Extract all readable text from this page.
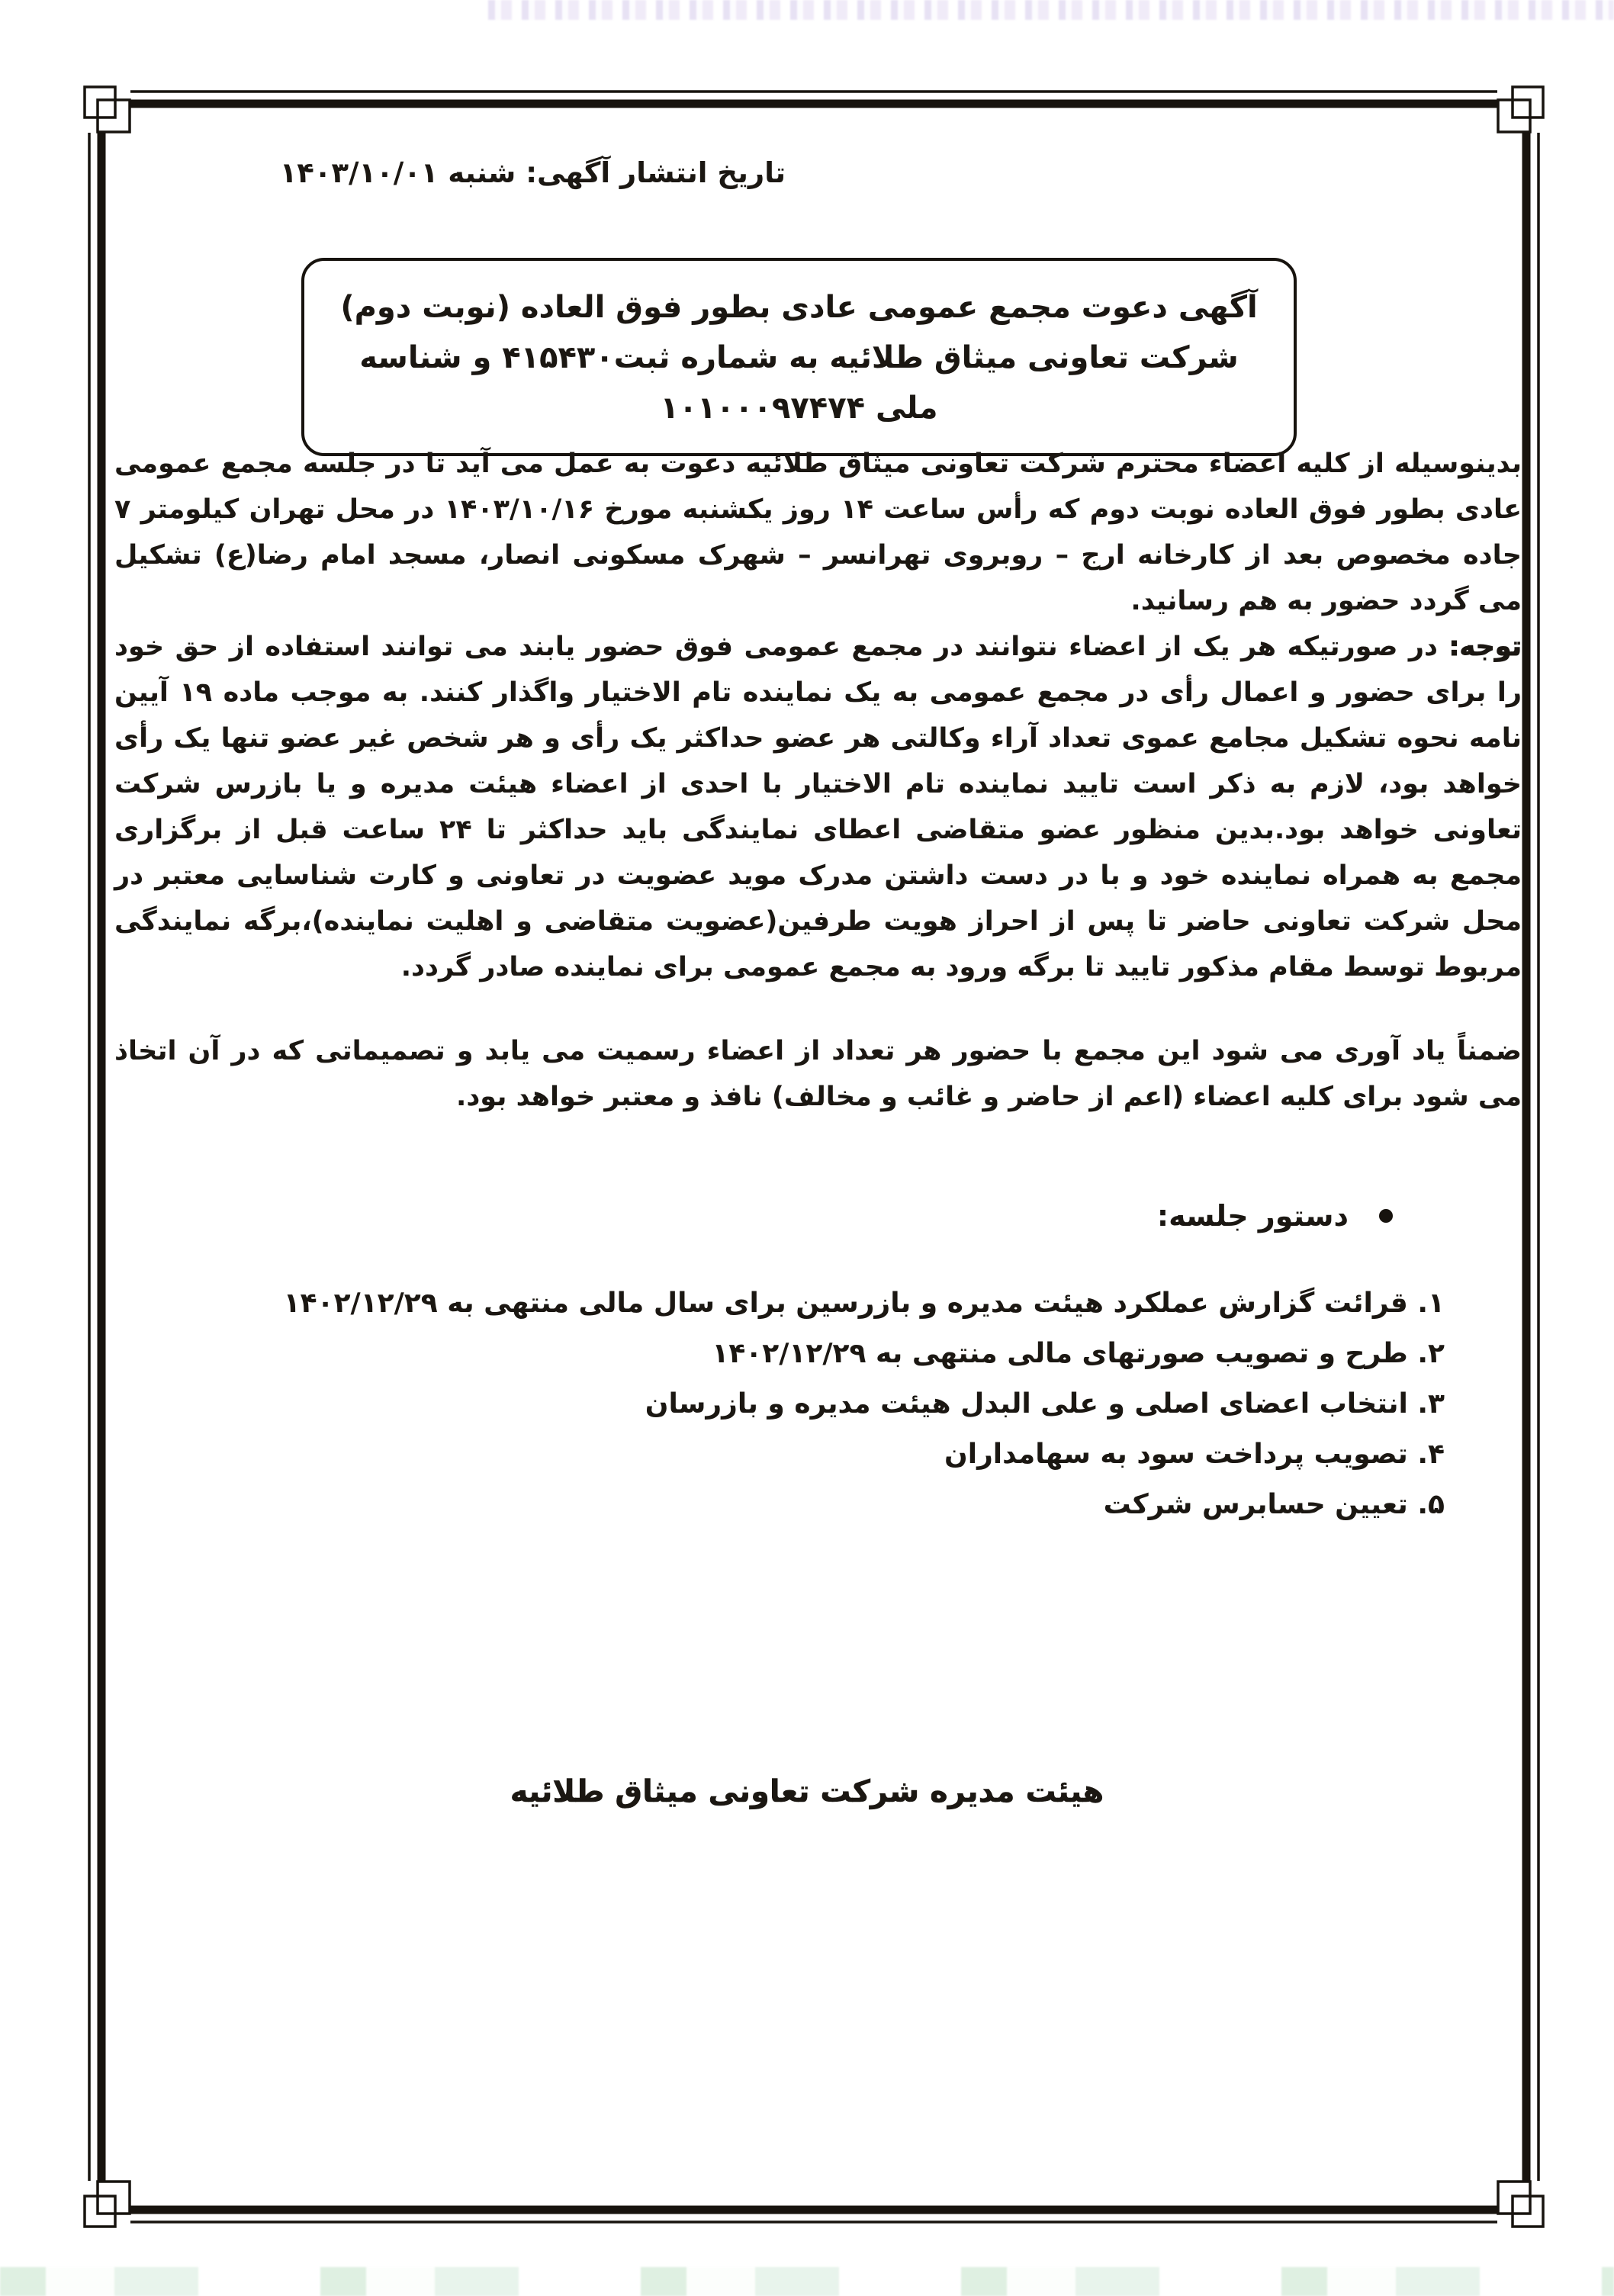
تاریخ انتشار آگهی: شنبه ۱۴۰۳/۱۰/۰۱
آگهی دعوت مجمع عمومی عادی بطور فوق العاده (نوبت دوم)
شرکت تعاونی میثاق طلائیه به شماره ثبت۴۱۵۴۳۰ و شناسه ملی ۱۰۱۰۰۰۹۷۴۷۴

بدینوسیله از کلیه اعضاء محترم شرکت تعاونی میثاق طلائیه دعوت به عمل می آید تا در جلسه مجمع عمومی عادی بطور فوق العاده نوبت دوم که رأس ساعت ۱۴ روز یکشنبه مورخ ۱۴۰۳/۱۰/۱۶ در محل تهران کیلومتر ۷ جاده مخصوص بعد از کارخانه ارج – روبروی تهرانسر – شهرک مسکونی انصار، مسجد امام رضا(ع) تشکیل می گردد حضور به هم رسانید.

توجه: در صورتیکه هر یک از اعضاء نتوانند در مجمع عمومی فوق حضور یابند می توانند استفاده از حق خود را برای حضور و اعمال رأی در مجمع عمومی به یک نماینده تام الاختیار واگذار کنند. به موجب ماده ۱۹ آیین نامه نحوه تشکیل مجامع عموی تعداد آراء وکالتی هر عضو حداکثر یک رأی و هر شخص غیر عضو تنها یک رأی خواهد بود، لازم به ذکر است تایید نماینده تام الاختیار با احدی از اعضاء هیئت مدیره و یا بازرس شرکت تعاونی خواهد بود.بدین منظور عضو متقاضی اعطای نمایندگی باید حداکثر تا ۲۴ ساعت قبل از برگزاری مجمع به همراه نماینده خود و با در دست داشتن مدرک موید عضویت در تعاونی و کارت شناسایی معتبر در محل شرکت تعاونی حاضر تا پس از احراز هویت طرفین(عضویت متقاضی و اهلیت نماینده)،برگه نمایندگی مربوط توسط مقام مذکور تایید تا برگه ورود به مجمع عمومی برای نماینده صادر گردد.

ضمناً یاد آوری می شود این مجمع با حضور هر تعداد از اعضاء رسمیت می یابد و تصمیماتی که در آن اتخاذ می شود برای کلیه اعضاء (اعم از حاضر و غائب و مخالف) نافذ و معتبر خواهد بود.

دستور جلسه:
۱. قرائت گزارش عملکرد هیئت مدیره و بازرسین برای سال مالی منتهی به ۱۴۰۲/۱۲/۲۹
۲. طرح و تصویب صورتهای مالی منتهی به ۱۴۰۲/۱۲/۲۹
۳. انتخاب اعضای اصلی و علی البدل هیئت مدیره و بازرسان
۴. تصویب پرداخت سود به سهامداران
۵. تعیین حسابرس شرکت
هیئت مدیره شرکت تعاونی میثاق طلائیه
